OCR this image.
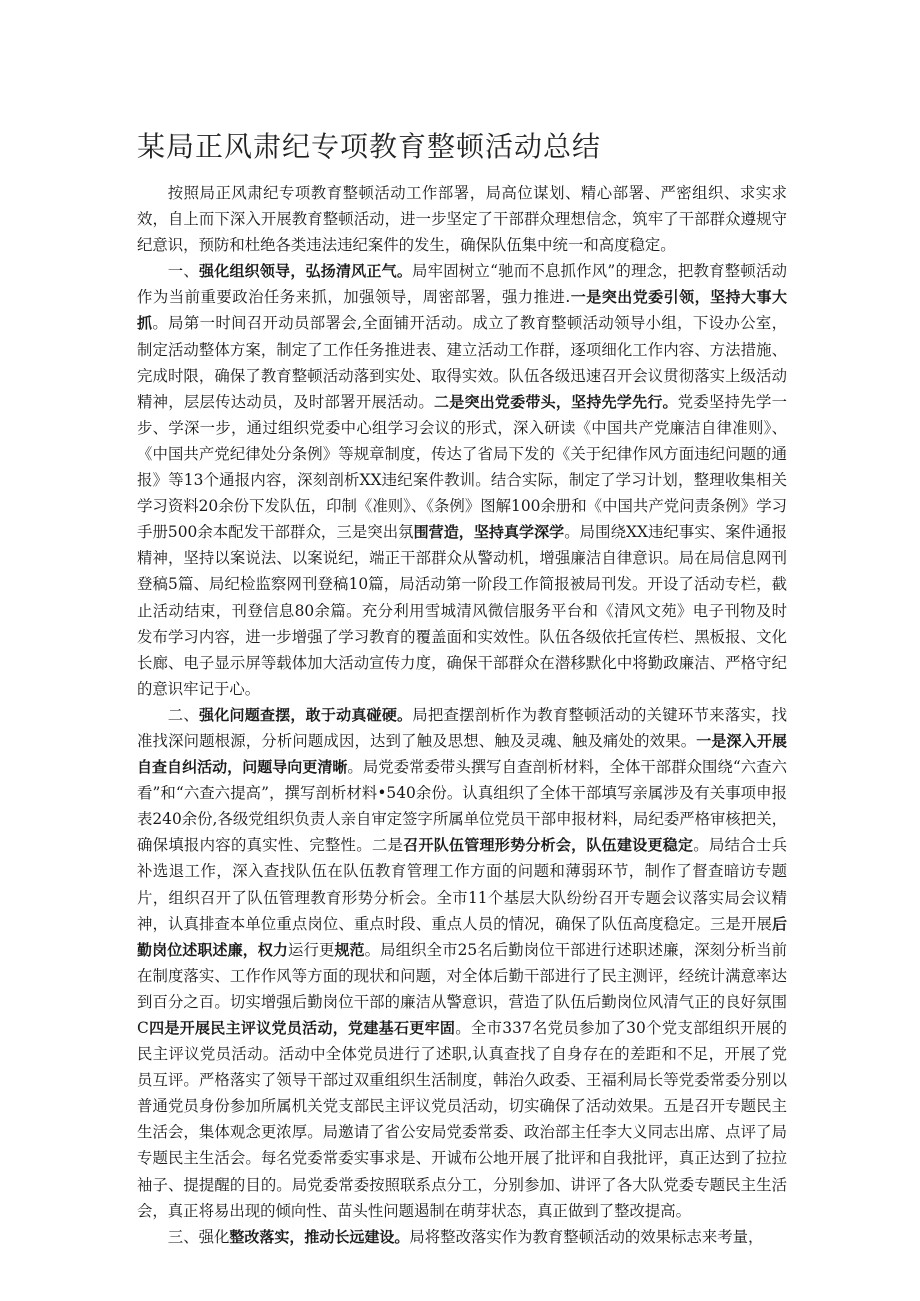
某局正风肃纪专项教育整顿活动总结

按照局正风肃纪专项教育整顿活动工作部署，局高位谋划、精心部署、严密组织、求实求效，自上而下深入开展教育整顿活动，进一步坚定了干部群众理想信念，筑牢了干部群众遵规守纪意识，预防和杜绝各类违法违纪案件的发生，确保队伍集中统一和高度稳定。

一、强化组织领导，弘扬清风正气。局牢固树立“驰而不息抓作风”的理念，把教育整顿活动作为当前重要政治任务来抓，加强领导，周密部署，强力推进.一是突出党委引领，坚持大事大抓。局第一时间召开动员部署会,全面铺开活动。成立了教育整顿活动领导小组，下设办公室，制定活动整体方案，制定了工作任务推进表、建立活动工作群，逐项细化工作内容、方法措施、完成时限，确保了教育整顿活动落到实处、取得实效。队伍各级迅速召开会议贯彻落实上级活动精神，层层传达动员，及时部署开展活动。二是突出党委带头，坚持先学先行。党委坚持先学一步、学深一步，通过组织党委中心组学习会议的形式，深入研读《中国共产党廉洁自律准则》、《中国共产党纪律处分条例》等规章制度，传达了省局下发的《关于纪律作风方面违纪问题的通报》等13个通报内容，深刻剖析XX违纪案件教训。结合实际，制定了学习计划，整理收集相关学习资料20余份下发队伍，印制《准则》、《条例》图解100余册和《中国共产党问责条例》学习手册500余本配发干部群众，三是突出氛围营造，坚持真学深学。局围绕XX违纪事实、案件通报精神，坚持以案说法、以案说纪，端正干部群众从警动机，增强廉洁自律意识。局在局信息网刊登稿5篇、局纪检监察网刊登稿10篇，局活动第一阶段工作简报被局刊发。开设了活动专栏，截止活动结束，刊登信息80余篇。充分利用雪城清风微信服务平台和《清风文苑》电子刊物及时发布学习内容，进一步增强了学习教育的覆盖面和实效性。队伍各级依托宣传栏、黑板报、文化长廊、电子显示屏等载体加大活动宣传力度，确保干部群众在潜移默化中将勤政廉洁、严格守纪的意识牢记于心。

二、强化问题查摆，敢于动真碰硬。局把查摆剖析作为教育整顿活动的关键环节来落实，找准找深问题根源，分析问题成因，达到了触及思想、触及灵魂、触及痛处的效果。一是深入开展自查自纠活动，问题导向更清晰。局党委常委带头撰写自查剖析材料，全体干部群众围绕“六查六看”和“六查六提高”，撰写剖析材料•540余份。认真组织了全体干部填写亲属涉及有关事项申报表240余份,各级党组织负责人亲自审定签字所属单位党员干部申报材料，局纪委严格审核把关，确保填报内容的真实性、完整性。二是召开队伍管理形势分析会，队伍建设更稳定。局结合士兵补选退工作，深入查找队伍在队伍教育管理工作方面的问题和薄弱环节，制作了督查暗访专题片，组织召开了队伍管理教育形势分析会。全市11个基层大队纷纷召开专题会议落实局会议精神，认真排查本单位重点岗位、重点时段、重点人员的情况，确保了队伍高度稳定。三是开展后勤岗位述职述廉，权力运行更规范。局组织全市25名后勤岗位干部进行述职述廉，深刻分析当前在制度落实、工作作风等方面的现状和问题，对全体后勤干部进行了民主测评，经统计满意率达到百分之百。切实增强后勤岗位干部的廉洁从警意识，营造了队伍后勤岗位风清气正的良好氛围C四是开展民主评议党员活动，党建基石更牢固。全市337名党员参加了30个党支部组织开展的民主评议党员活动。活动中全体党员进行了述职,认真查找了自身存在的差距和不足，开展了党员互评。严格落实了领导干部过双重组织生活制度，韩治久政委、王福利局长等党委常委分别以普通党员身份参加所属机关党支部民主评议党员活动，切实确保了活动效果。五是召开专题民主生活会，集体观念更浓厚。局邀请了省公安局党委常委、政治部主任李大义同志出席、点评了局专题民主生活会。每名党委常委实事求是、开诚布公地开展了批评和自我批评，真正达到了拉拉袖子、提提醒的目的。局党委常委按照联系点分工，分别参加、讲评了各大队党委专题民主生活会，真正将易出现的倾向性、苗头性问题遏制在萌芽状态，真正做到了整改提高。

三、强化整改落实，推动长远建设。局将整改落实作为教育整顿活动的效果标志来考量，
